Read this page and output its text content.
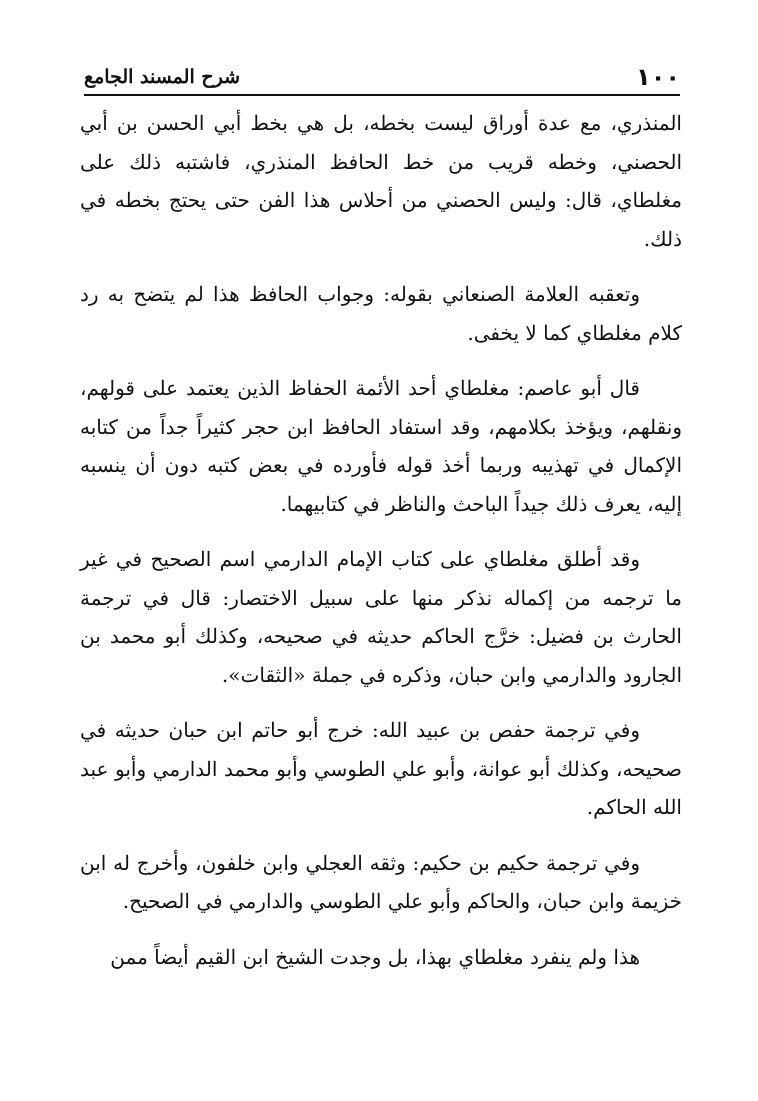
١٠٠
شرح المسند الجامع

المنذري، مع عدة أوراق ليست بخطه، بل هي بخط أبي الحسن بن أبي الحصني، وخطه قريب من خط الحافظ المنذري، فاشتبه ذلك على مغلطاي، قال: وليس الحصني من أحلاس هذا الفن حتى يحتج بخطه في ذلك.

وتعقبه العلامة الصنعاني بقوله: وجواب الحافظ هذا لم يتضح به رد كلام مغلطاي كما لا يخفى.

قال أبو عاصم: مغلطاي أحد الأئمة الحفاظ الذين يعتمد على قولهم، ونقلهم، ويؤخذ بكلامهم، وقد استفاد الحافظ ابن حجر كثيراً جداً من كتابه الإكمال في تهذيبه وربما أخذ قوله فأورده في بعض كتبه دون أن ينسبه إليه، يعرف ذلك جيداً الباحث والناظر في كتابيهما.

وقد أطلق مغلطاي على كتاب الإمام الدارمي اسم الصحيح في غير ما ترجمه من إكماله نذكر منها على سبيل الاختصار: قال في ترجمة الحارث بن فضيل: خرَّج الحاكم حديثه في صحيحه، وكذلك أبو محمد بن الجارود والدارمي وابن حبان، وذكره في جملة «الثقات».

وفي ترجمة حفص بن عبيد الله: خرج أبو حاتم ابن حبان حديثه في صحيحه، وكذلك أبو عوانة، وأبو علي الطوسي وأبو محمد الدارمي وأبو عبد الله الحاكم.

وفي ترجمة حكيم بن حكيم: وثقه العجلي وابن خلفون، وأخرج له ابن خزيمة وابن حبان، والحاكم وأبو علي الطوسي والدارمي في الصحيح.

هذا ولم ينفرد مغلطاي بهذا، بل وجدت الشيخ ابن القيم أيضاً ممن
